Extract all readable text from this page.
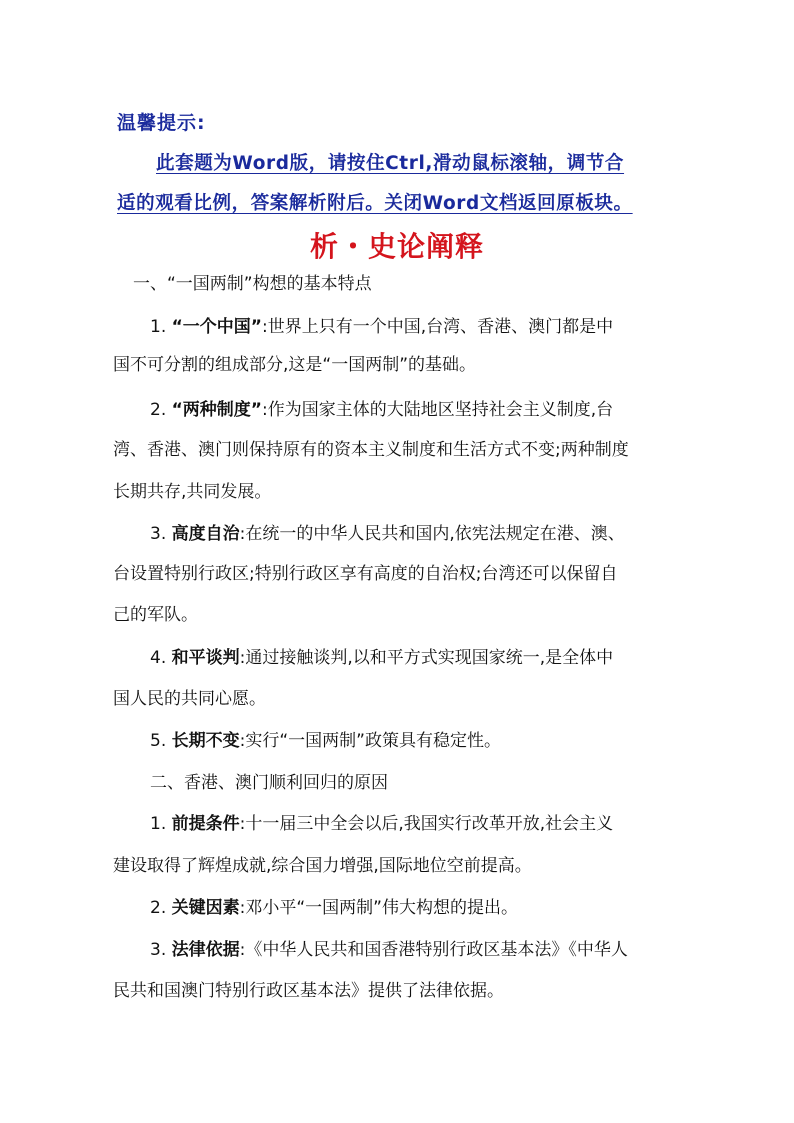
温馨提示:
此套题为Word版，请按住Ctrl,滑动鼠标滚轴，调节合
适的观看比例，答案解析附后。关闭Word文档返回原板块。
析・史论阐释
一、“一国两制”构想的基本特点
1. “一个中国”:世界上只有一个中国,台湾、香港、澳门都是中
国不可分割的组成部分,这是“一国两制”的基础。
2. “两种制度”:作为国家主体的大陆地区坚持社会主义制度,台
湾、香港、澳门则保持原有的资本主义制度和生活方式不变;两种制度
长期共存,共同发展。
3. 高度自治:在统一的中华人民共和国内,依宪法规定在港、澳、
台设置特别行政区;特别行政区享有高度的自治权;台湾还可以保留自
己的军队。
4. 和平谈判:通过接触谈判,以和平方式实现国家统一,是全体中
国人民的共同心愿。
5. 长期不变:实行“一国两制”政策具有稳定性。
二、香港、澳门顺利回归的原因
1. 前提条件:十一届三中全会以后,我国实行改革开放,社会主义
建设取得了辉煌成就,综合国力增强,国际地位空前提高。
2. 关键因素:邓小平“一国两制”伟大构想的提出。
3. 法律依据:《中华人民共和国香港特别行政区基本法》《中华人
民共和国澳门特别行政区基本法》提供了法律依据。
